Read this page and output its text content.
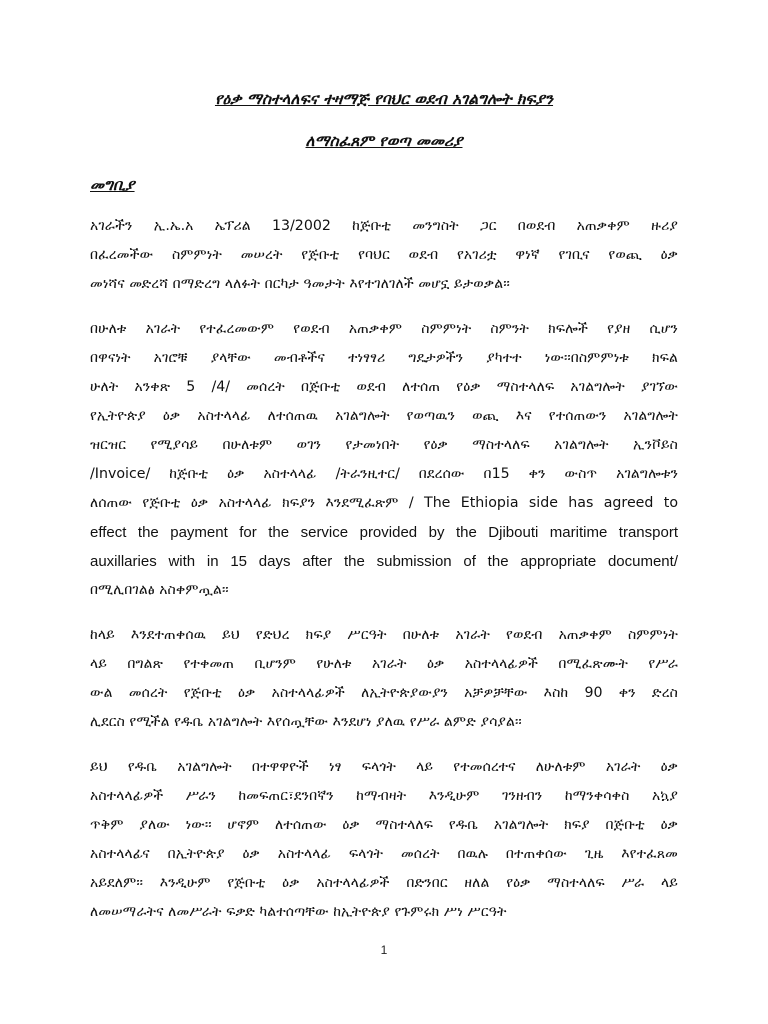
የዕቃ ማስተላለፍና ተዛማጅ የባህር ወደብ አገልግሎት ክፍያን

ለማስፈጸም የወጣ መመሪያ

መግቢያ

አገራችን ኢ.ኤ.አ ኤፕሪል 13/2002 ከጅቡቲ መንግስት ጋር በወደብ አጠቃቀም ዙሪያ
በፈረመችው ስምምነት መሠረት የጅቡቲ የባህር ወደብ የአገሪቷ ዋነኛ የገቢና የወጪ ዕቃ
መነሻና መድረሻ በማድረግ ላለፉት በርካታ ዓመታት እየተገለገለች መሆኗ ይታወቃል፡፡
በሁለቱ አገራት የተፈረመውም የወደብ አጠቃቀም ስምምነት ስምንት ክፍሎች የያዘ ሲሆን
በዋናነት አገሮቹ ያላቸው መብቶችና ተነፃፃሪ ግዴታዎችን ያካተተ ነው፡፡በስምምነቱ ክፍል
ሁለት አንቀጽ 5 /4/ መሰረት በጅቡቲ ወደብ ለተሰጠ የዕቃ ማስተላለፍ አገልግሎት ያገኘው
የኢትዮጵያ ዕቃ አስተላላፊ ለተሰጠዉ አገልግሎት የወጣዉን ወጪ እና የተሰጠውን አገልግሎት
ዝርዝር የሚያሳይ በሁለቱም ወገን የታመነበት የዕቃ ማስተላለፍ አገልግሎት ኢንቮይስ
/Invoice/ ከጅቡቲ ዕቃ አስተላላፊ /ትራንዚተር/ በደረሰው በ15 ቀን ውስጥ አገልግሎቱን
ለሰጠው የጅቡቲ ዕቃ አስተላላፊ ክፍያን እንደሚፈጽም / The Ethiopia side has agreed to
effect the payment for the service provided by the Djibouti maritime transport
auxillaries with in 15 days after the submission of the appropriate document/
በሚሊበገልፅ አስቀምጧል፡፡
ከላይ እንደተጠቀሰዉ ይህ የድህረ ክፍያ ሥርዓት በሁለቱ አገራት የወደብ አጠቃቀም ስምምነት
ላይ በግልጽ የተቀመጠ ቢሆንም የሁለቱ አገራት ዕቃ አስተላላፊዎች በሚፈጽሙት የሥራ
ውል መሰረት የጅቡቲ ዕቃ አስተላላፊዎች ለኢትዮጵያውያን አቻዎቻቸው እስከ 90 ቀን ድረስ
ሊደርስ የሚችል የዱቤ አገልግሎት እየሰጧቸው እንደሆነ ያለዉ የሥራ ልምድ ያሳያል፡፡
ይህ የዱቤ አገልግሎት በተዋዋዮች ነፃ ፍላጎት ላይ የተመሰረተና ለሁለቱም አገራት ዕቃ
አስተላላፊዎች ሥራን ከመፍጠር፣ደንበኛን ከማብዛት እንዲሁም ገንዘብን ከማንቀሳቀስ አኳያ
ጥቅም ያለው ነው፡፡ ሆኖም ለተሰጠው ዕቃ ማስተላለፍ የዱቤ አገልግሎት ክፍያ በጅቡቲ ዕቃ
አስተላላፊና በኢትዮጵያ ዕቃ አስተላላፊ ፍላጎት መሰረት በዉሉ በተጠቀሰው ጊዜ እየተፈጸመ
አይደለም፡፡ እንዲሁም የጅቡቲ ዕቃ አስተላላፊዎች በድንበር ዘለል የዕቃ ማስተላለፍ ሥራ ላይ
ለመሠማራትና ለመሥራት ፍቃድ ካልተሰጣቸው ከኢትዮጵያ የጉምሩክ ሥነ ሥርዓት
1
